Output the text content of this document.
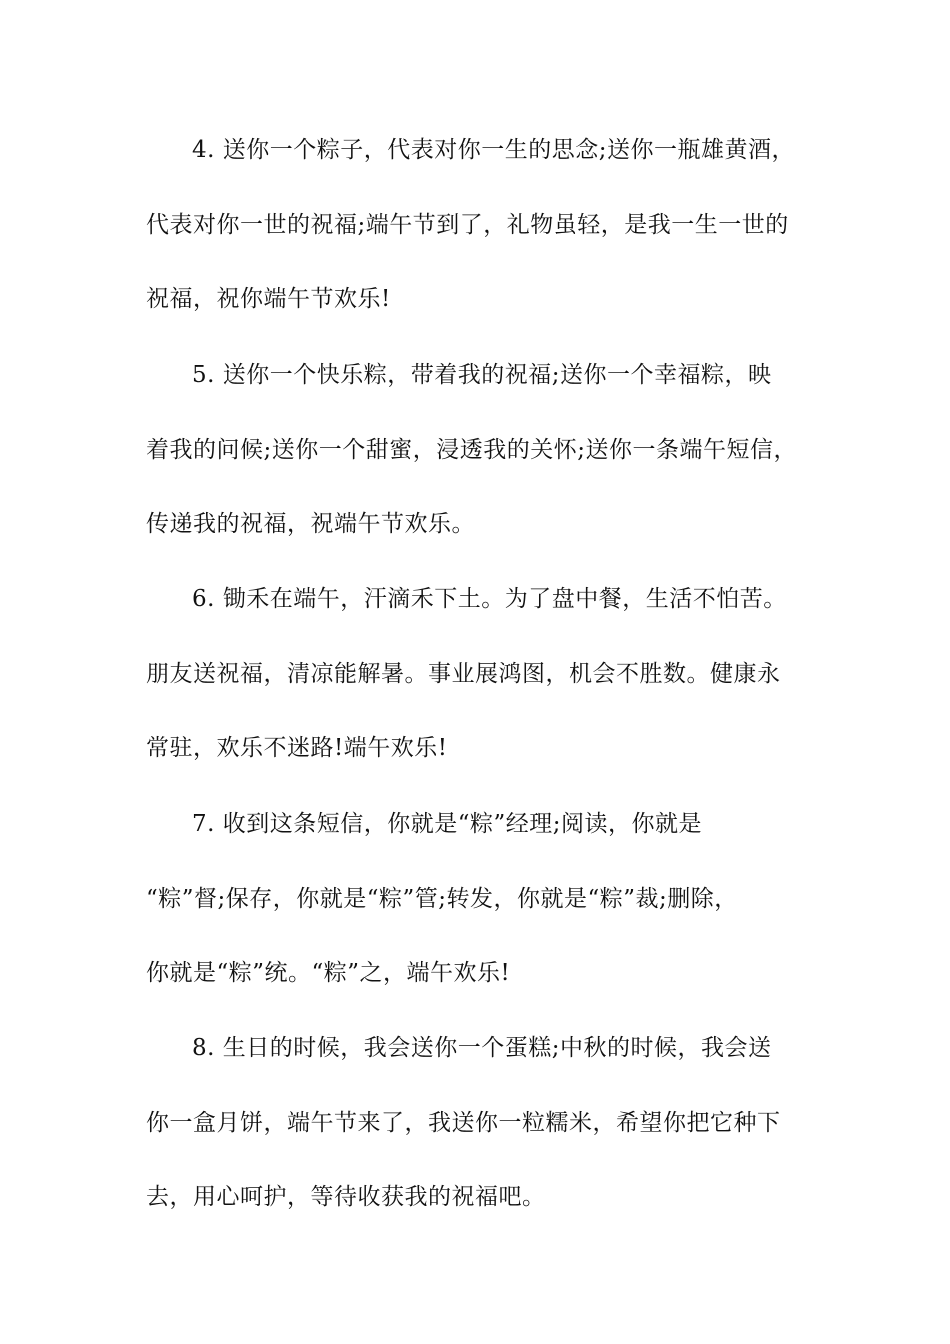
4. 送你一个粽子，代表对你一生的思念;送你一瓶雄黄酒，
代表对你一世的祝福;端午节到了，礼物虽轻，是我一生一世的
祝福，祝你端午节欢乐!
5. 送你一个快乐粽，带着我的祝福;送你一个幸福粽，映
着我的问候;送你一个甜蜜，浸透我的关怀;送你一条端午短信，
传递我的祝福，祝端午节欢乐。
6. 锄禾在端午，汗滴禾下土。为了盘中餐，生活不怕苦。
朋友送祝福，清凉能解暑。事业展鸿图，机会不胜数。健康永
常驻，欢乐不迷路!端午欢乐!
7. 收到这条短信，你就是“粽”经理;阅读，你就是
“粽”督;保存，你就是“粽”管;转发，你就是“粽”裁;删除，
你就是“粽”统。“粽”之，端午欢乐!
8. 生日的时候，我会送你一个蛋糕;中秋的时候，我会送
你一盒月饼，端午节来了，我送你一粒糯米，希望你把它种下
去，用心呵护，等待收获我的祝福吧。
